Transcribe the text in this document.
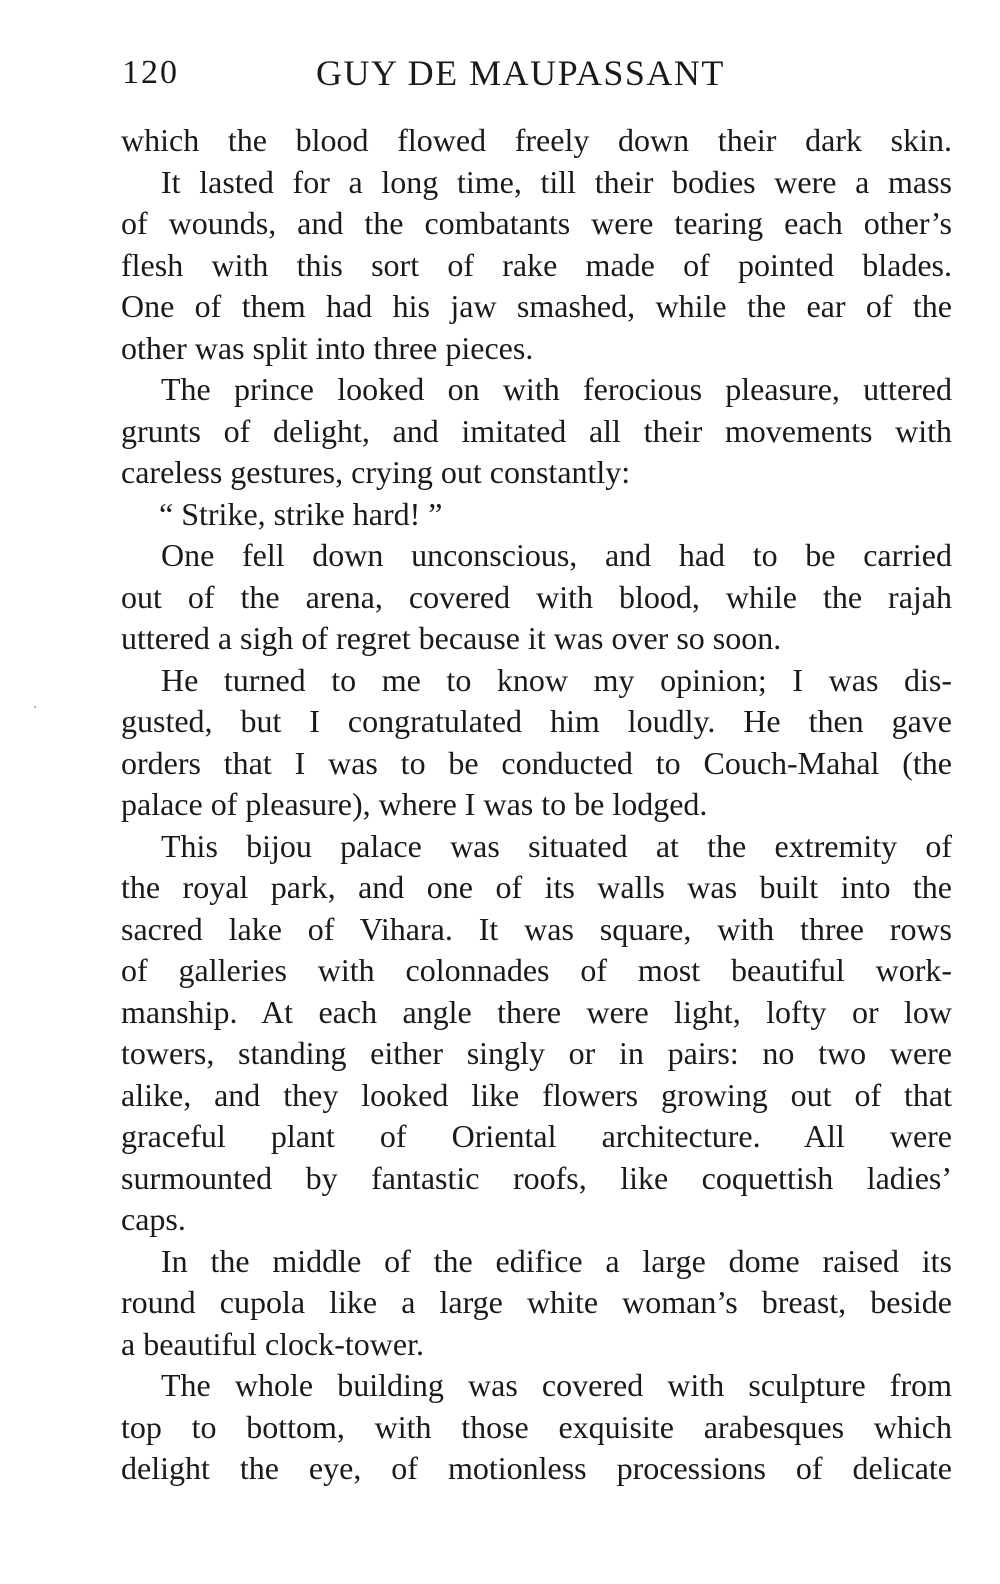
120	GUY DE MAUPASSANT
which the blood flowed freely down their dark skin.
It lasted for a long time, till their bodies were a mass
of wounds, and the combatants were tearing each other’s
flesh with this sort of rake made of pointed blades.
One of them had his jaw smashed, while the ear of the
other was split into three pieces.
The prince looked on with ferocious pleasure, uttered
grunts of delight, and imitated all their movements with
careless gestures, crying out constantly:
“ Strike, strike hard! ”
One fell down unconscious, and had to be carried
out of the arena, covered with blood, while the rajah
uttered a sigh of regret because it was over so soon.
He turned to me to know my opinion; I was dis-
gusted, but I congratulated him loudly. He then gave
orders that I was to be conducted to Couch-Mahal (the
palace of pleasure), where I was to be lodged.
This bijou palace was situated at the extremity of
the royal park, and one of its walls was built into the
sacred lake of Vihara. It was square, with three rows
of galleries with colonnades of most beautiful work-
manship. At each angle there were light, lofty or low
towers, standing either singly or in pairs: no two were
alike, and they looked like flowers growing out of that
graceful plant of Oriental architecture. All were
surmounted by fantastic roofs, like coquettish ladies’
caps.
In the middle of the edifice a large dome raised its
round cupola like a large white woman’s breast, beside
a beautiful clock-tower.
The whole building was covered with sculpture from
top to bottom, with those exquisite arabesques which
delight the eye, of motionless processions of delicate
